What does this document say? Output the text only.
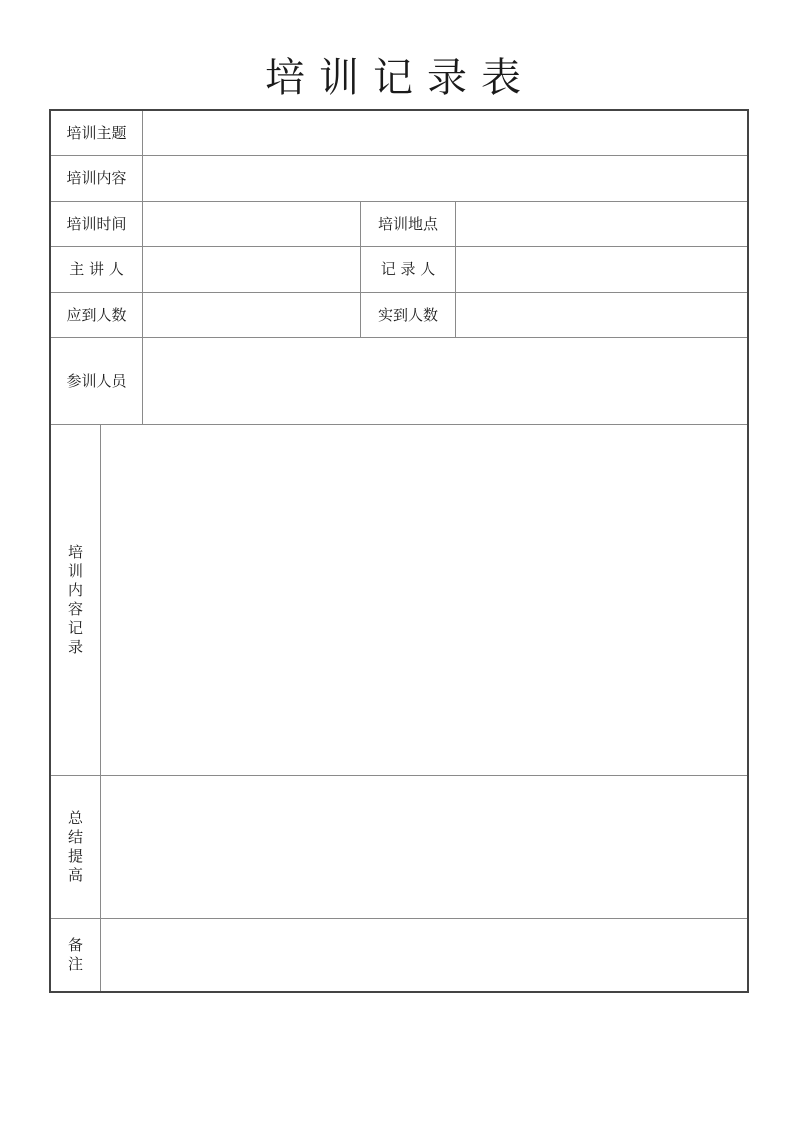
培训记录表
培训主题
培训内容
培训时间	培训地点
主 讲 人	记 录 人
应到人数	实到人数
参训人员
培训内容记录
总结提高
备注
